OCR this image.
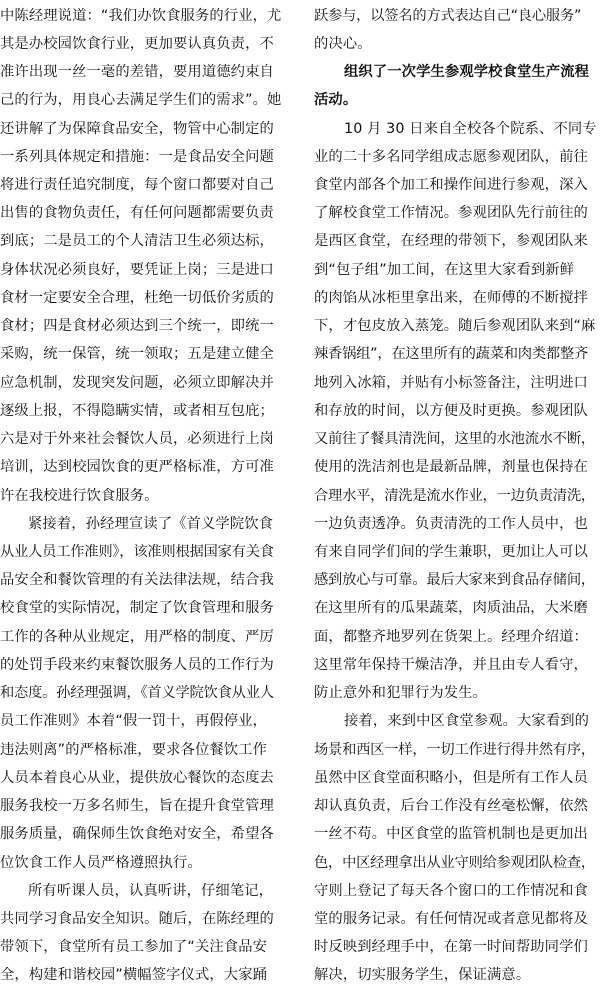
中陈经理说道：“我们办饮食服务的行业，尤
其是办校园饮食行业，更加要认真负责，不
准许出现一丝一毫的差错，要用道德约束自
己的行为，用良心去满足学生们的需求”。她
还讲解了为保障食品安全，物管中心制定的
一系列具体规定和措施：一是食品安全问题
将进行责任追究制度，每个窗口都要对自己
出售的食物负责任，有任何问题都需要负责
到底；二是员工的个人清洁卫生必须达标，
身体状况必须良好，要凭证上岗；三是进口
食材一定要安全合理，杜绝一切低价劣质的
食材；四是食材必须达到三个统一，即统一
采购，统一保管，统一领取；五是建立健全
应急机制，发现突发问题，必须立即解决并
逐级上报，不得隐瞒实情，或者相互包庇；
六是对于外来社会餐饮人员，必须进行上岗
培训，达到校园饮食的更严格标准，方可准
许在我校进行饮食服务。
紧接着，孙经理宣读了《首义学院饮食
从业人员工作准则》，该准则根据国家有关食
品安全和餐饮管理的有关法律法规，结合我
校食堂的实际情况，制定了饮食管理和服务
工作的各种从业规定，用严格的制度、严厉
的处罚手段来约束餐饮服务人员的工作行为
和态度。孙经理强调，《首义学院饮食从业人
员工作准则》本着“假一罚十，再假停业，
违法则离”的严格标准，要求各位餐饮工作
人员本着良心从业，提供放心餐饮的态度去
服务我校一万多名师生，旨在提升食堂管理
服务质量，确保师生饮食绝对安全，希望各
位饮食工作人员严格遵照执行。
所有听课人员，认真听讲，仔细笔记，
共同学习食品安全知识。随后，在陈经理的
带领下，食堂所有员工参加了“关注食品安
全，构建和谐校园”横幅签字仪式，大家踊
跃参与，以签名的方式表达自己“良心服务”
的决心。
组织了一次学生参观学校食堂生产流程
活动。
10 月 30 日来自全校各个院系、不同专
业的二十多名同学组成志愿参观团队，前往
食堂内部各个加工和操作间进行参观，深入
了解校食堂工作情况。参观团队先行前往的
是西区食堂，在经理的带领下，参观团队来
到“包子组”加工间，在这里大家看到新鲜
的肉馅从冰柜里拿出来，在师傅的不断搅拌
下，才包皮放入蒸笼。随后参观团队来到“麻
辣香锅组”，在这里所有的蔬菜和肉类都整齐
地列入冰箱，并贴有小标签备注，注明进口
和存放的时间，以方便及时更换。参观团队
又前往了餐具清洗间，这里的水池流水不断，
使用的洗洁剂也是最新品牌，剂量也保持在
合理水平，清洗是流水作业，一边负责清洗，
一边负责透净。负责清洗的工作人员中，也
有来自同学们间的学生兼职，更加让人可以
感到放心与可靠。最后大家来到食品存储间，
在这里所有的瓜果蔬菜，肉质油品，大米磨
面，都整齐地罗列在货架上。经理介绍道：
这里常年保持干燥洁净，并且由专人看守，
防止意外和犯罪行为发生。
接着，来到中区食堂参观。大家看到的
场景和西区一样，一切工作进行得井然有序，
虽然中区食堂面积略小，但是所有工作人员
却认真负责，后台工作没有丝毫松懈，依然
一丝不苟。中区食堂的监管机制也是更加出
色，中区经理拿出从业守则给参观团队检查，
守则上登记了每天各个窗口的工作情况和食
堂的服务记录。有任何情况或者意见都将及
时反映到经理手中，在第一时间帮助同学们
解决，切实服务学生，保证满意。
